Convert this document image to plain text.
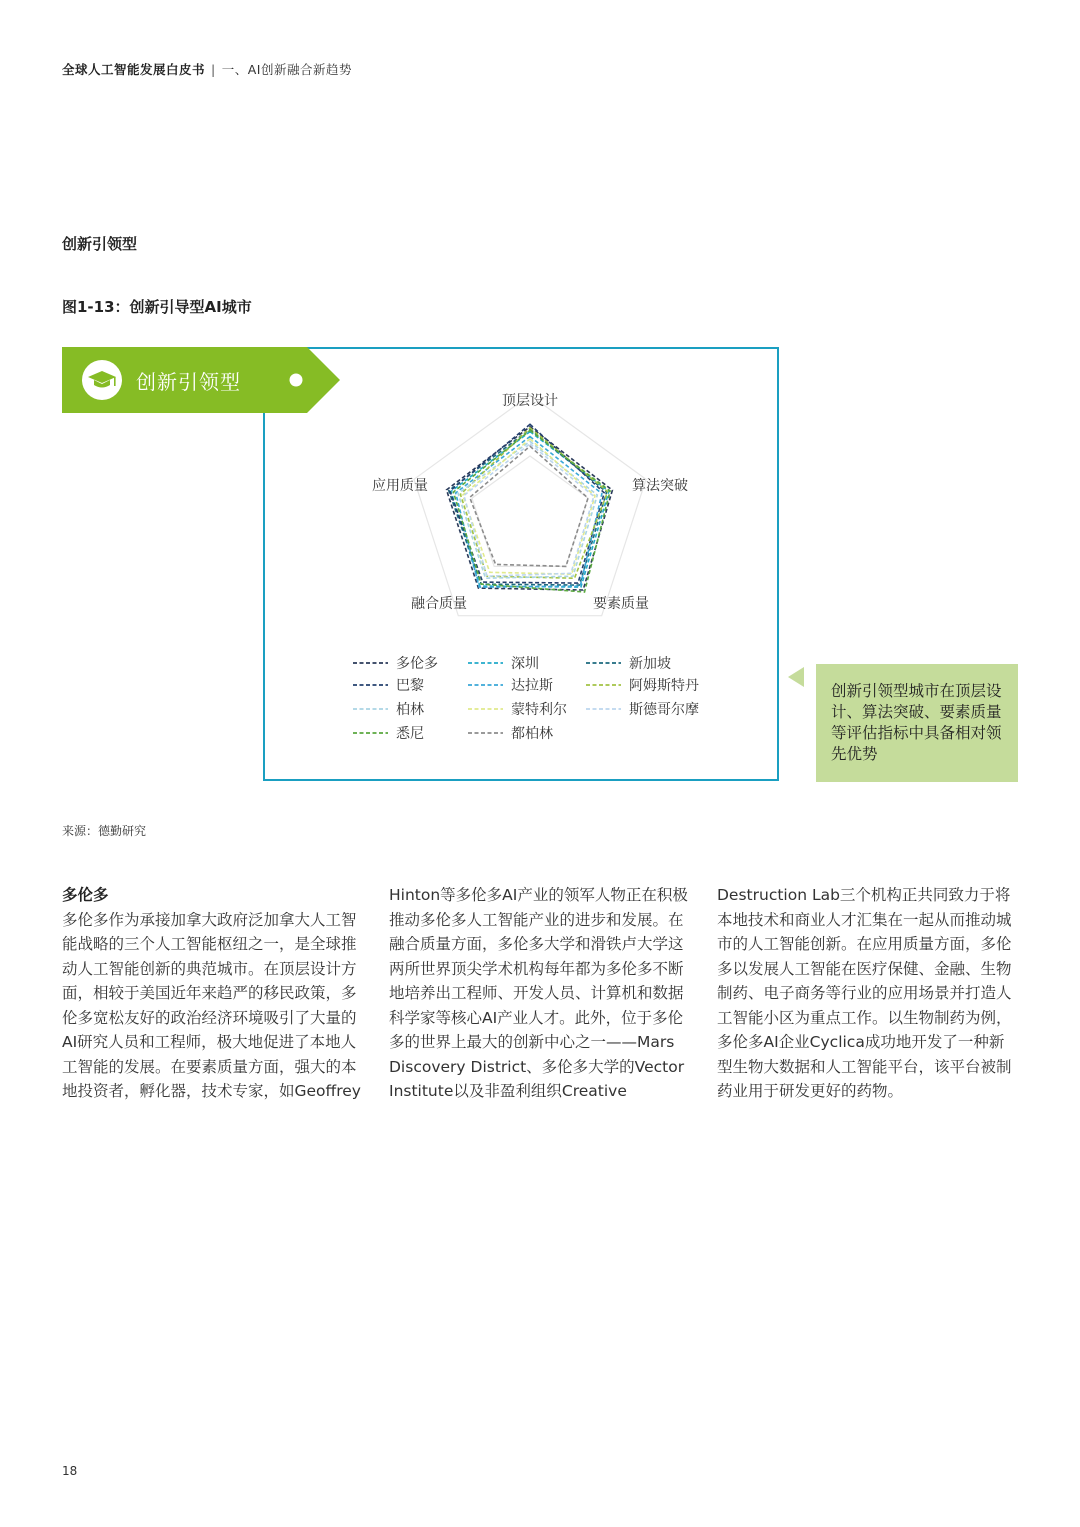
全球人工智能发展白皮书 | 一、AI创新融合新趋势
创新引领型
图1-13：创新引导型AI城市
顶层设计
算法突破
要素质量
融合质量
应用质量
多伦多	深圳	新加坡
巴黎	达拉斯	阿姆斯特丹
柏林	蒙特利尔	斯德哥尔摩
悉尼	都柏林
创新引领型
创新引领型城市在顶层设计、算法突破、要素质量等评估指标中具备相对领先优势
来源：德勤研究
多伦多
多伦多作为承接加拿大政府泛加拿大人工智能战略的三个人工智能枢纽之一，是全球推动人工智能创新的典范城市。在顶层设计方面，相较于美国近年来趋严的移民政策，多伦多宽松友好的政治经济环境吸引了大量的AI研究人员和工程师，极大地促进了本地人工智能的发展。在要素质量方面，强大的本地投资者，孵化器，技术专家，如Geoffrey
Hinton等多伦多AI产业的领军人物正在积极推动多伦多人工智能产业的进步和发展。在融合质量方面，多伦多大学和滑铁卢大学这两所世界顶尖学术机构每年都为多伦多不断地培养出工程师、开发人员、计算机和数据科学家等核心AI产业人才。此外，位于多伦多的世界上最大的创新中心之一——Mars Discovery District、多伦多大学的Vector Institute以及非盈利组织Creative
Destruction Lab三个机构正共同致力于将本地技术和商业人才汇集在一起从而推动城市的人工智能创新。在应用质量方面，多伦多以发展人工智能在医疗保健、金融、生物制药、电子商务等行业的应用场景并打造人工智能小区为重点工作。以生物制药为例，多伦多AI企业Cyclica成功地开发了一种新型生物大数据和人工智能平台，该平台被制药业用于研发更好的药物。
18
